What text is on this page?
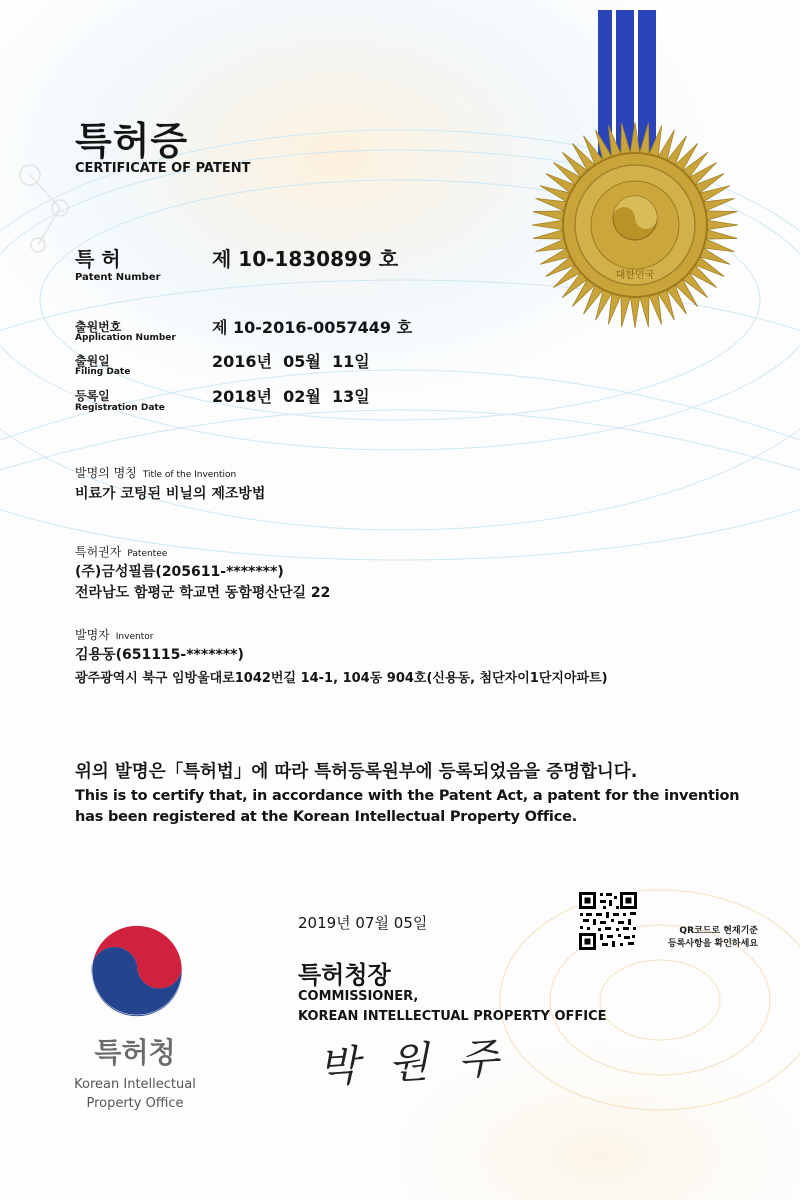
대한민국
특허증
CERTIFICATE OF PATENT
특 허
Patent Number
제 10-1830899 호
출원번호
Application Number
제 10-2016-0057449 호
출원일
Filing Date
2016년  05월  11일
등록일
Registration Date
2018년  02월  13일
발명의 명칭 Title of the Invention
비료가 코팅된 비닐의 제조방법
특허권자 Patentee
(주)금성필름(205611-*******)
전라남도 함평군 학교면 동함평산단길 22
발명자 Inventor
김용동(651115-*******)
광주광역시 북구 임방울대로1042번길 14-1, 104동 904호(신용동, 첨단자이1단지아파트)
위의 발명은「특허법」에 따라 특허등록원부에 등록되었음을 증명합니다.
This is to certify that, in accordance with the Patent Act, a patent for the invention
has been registered at the Korean Intellectual Property Office.
2019년 07월 05일	QR코드로 현재기준
등록사항을 확인하세요
특허청장
COMMISSIONER,
KOREAN INTELLECTUAL PROPERTY OFFICE
박 원 주
특허청
Korean Intellectual
Property Office
